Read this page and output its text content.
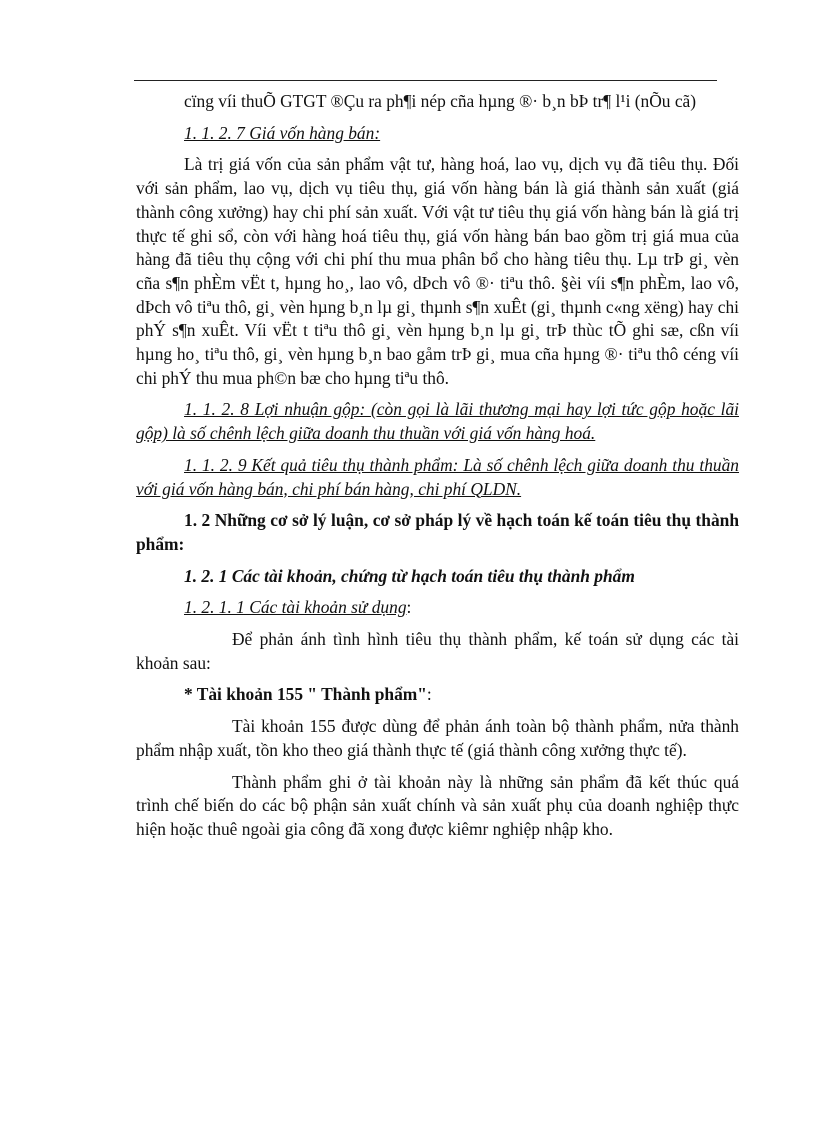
cïng víi thuÕ GTGT ®Çu ra ph¶i nép cña hµng ®· b¸n bÞ tr¶ l¹i (nÕu cã)

1. 1. 2. 7 Giá vốn hàng bán:

Là trị giá vốn của sản phẩm vật tư, hàng hoá, lao vụ, dịch vụ đã tiêu thụ. Đối với sản phẩm, lao vụ, dịch vụ tiêu thụ, giá vốn hàng bán là giá thành sản xuất (giá thành công xưởng) hay chi phí sản xuất. Với vật tư tiêu thụ giá vốn hàng bán là giá trị thực tế ghi sổ, còn với hàng hoá tiêu thụ, giá vốn hàng bán bao gồm trị giá mua của hàng đã tiêu thụ cộng với chi phí thu mua phân bổ cho hàng tiêu thụ. Lµ trÞ gi¸ vèn cña s¶n phÈm vËt t, hµng ho¸, lao vô, dÞch vô ®· tiªu thô. §èi víi s¶n phÈm, lao vô, dÞch vô tiªu thô, gi¸ vèn hµng b¸n lµ gi¸ thµnh s¶n xuÊt (gi¸ thµnh c«ng xëng) hay chi phÝ s¶n xuÊt. Víi vËt t tiªu thô gi¸ vèn hµng b¸n lµ gi¸ trÞ thùc tÕ ghi sæ, cßn víi hµng ho¸ tiªu thô, gi¸ vèn hµng b¸n bao gåm trÞ gi¸ mua cña hµng ®· tiªu thô céng víi chi phÝ thu mua ph©n bæ cho hµng tiªu thô.

1. 1. 2. 8 Lợi nhuận gộp: (còn gọi là lãi thương mại hay lợi tức gộp hoặc lãi gộp) là số chênh lệch giữa doanh thu thuần với giá vốn hàng hoá.

1. 1. 2. 9 Kết quả tiêu thụ thành phẩm: Là số chênh lệch giữa doanh thu thuần với giá vốn hàng bán, chi phí bán hàng, chi phí QLDN.

1. 2 Những cơ sở lý luận, cơ sở pháp lý về hạch toán kế toán tiêu thụ thành phẩm:

1. 2. 1 Các tài khoản, chứng từ hạch toán tiêu thụ thành phẩm

1. 2. 1. 1 Các tài khoản sử dụng:

Để phản ánh tình hình tiêu thụ thành phẩm, kế toán sử dụng các tài khoản sau:

* Tài khoản 155 " Thành phẩm":

Tài khoản 155 được dùng để phản ánh toàn bộ thành phẩm, nửa thành phẩm nhập xuất, tồn kho theo giá thành thực tế (giá thành công xưởng thực tế).

Thành phẩm ghi ở tài khoản này là những sản phẩm đã kết thúc quá trình chế biến do các bộ phận sản xuất chính và sản xuất phụ của doanh nghiệp thực hiện hoặc thuê ngoài gia công đã xong được kiêmr nghiệp nhập kho.
